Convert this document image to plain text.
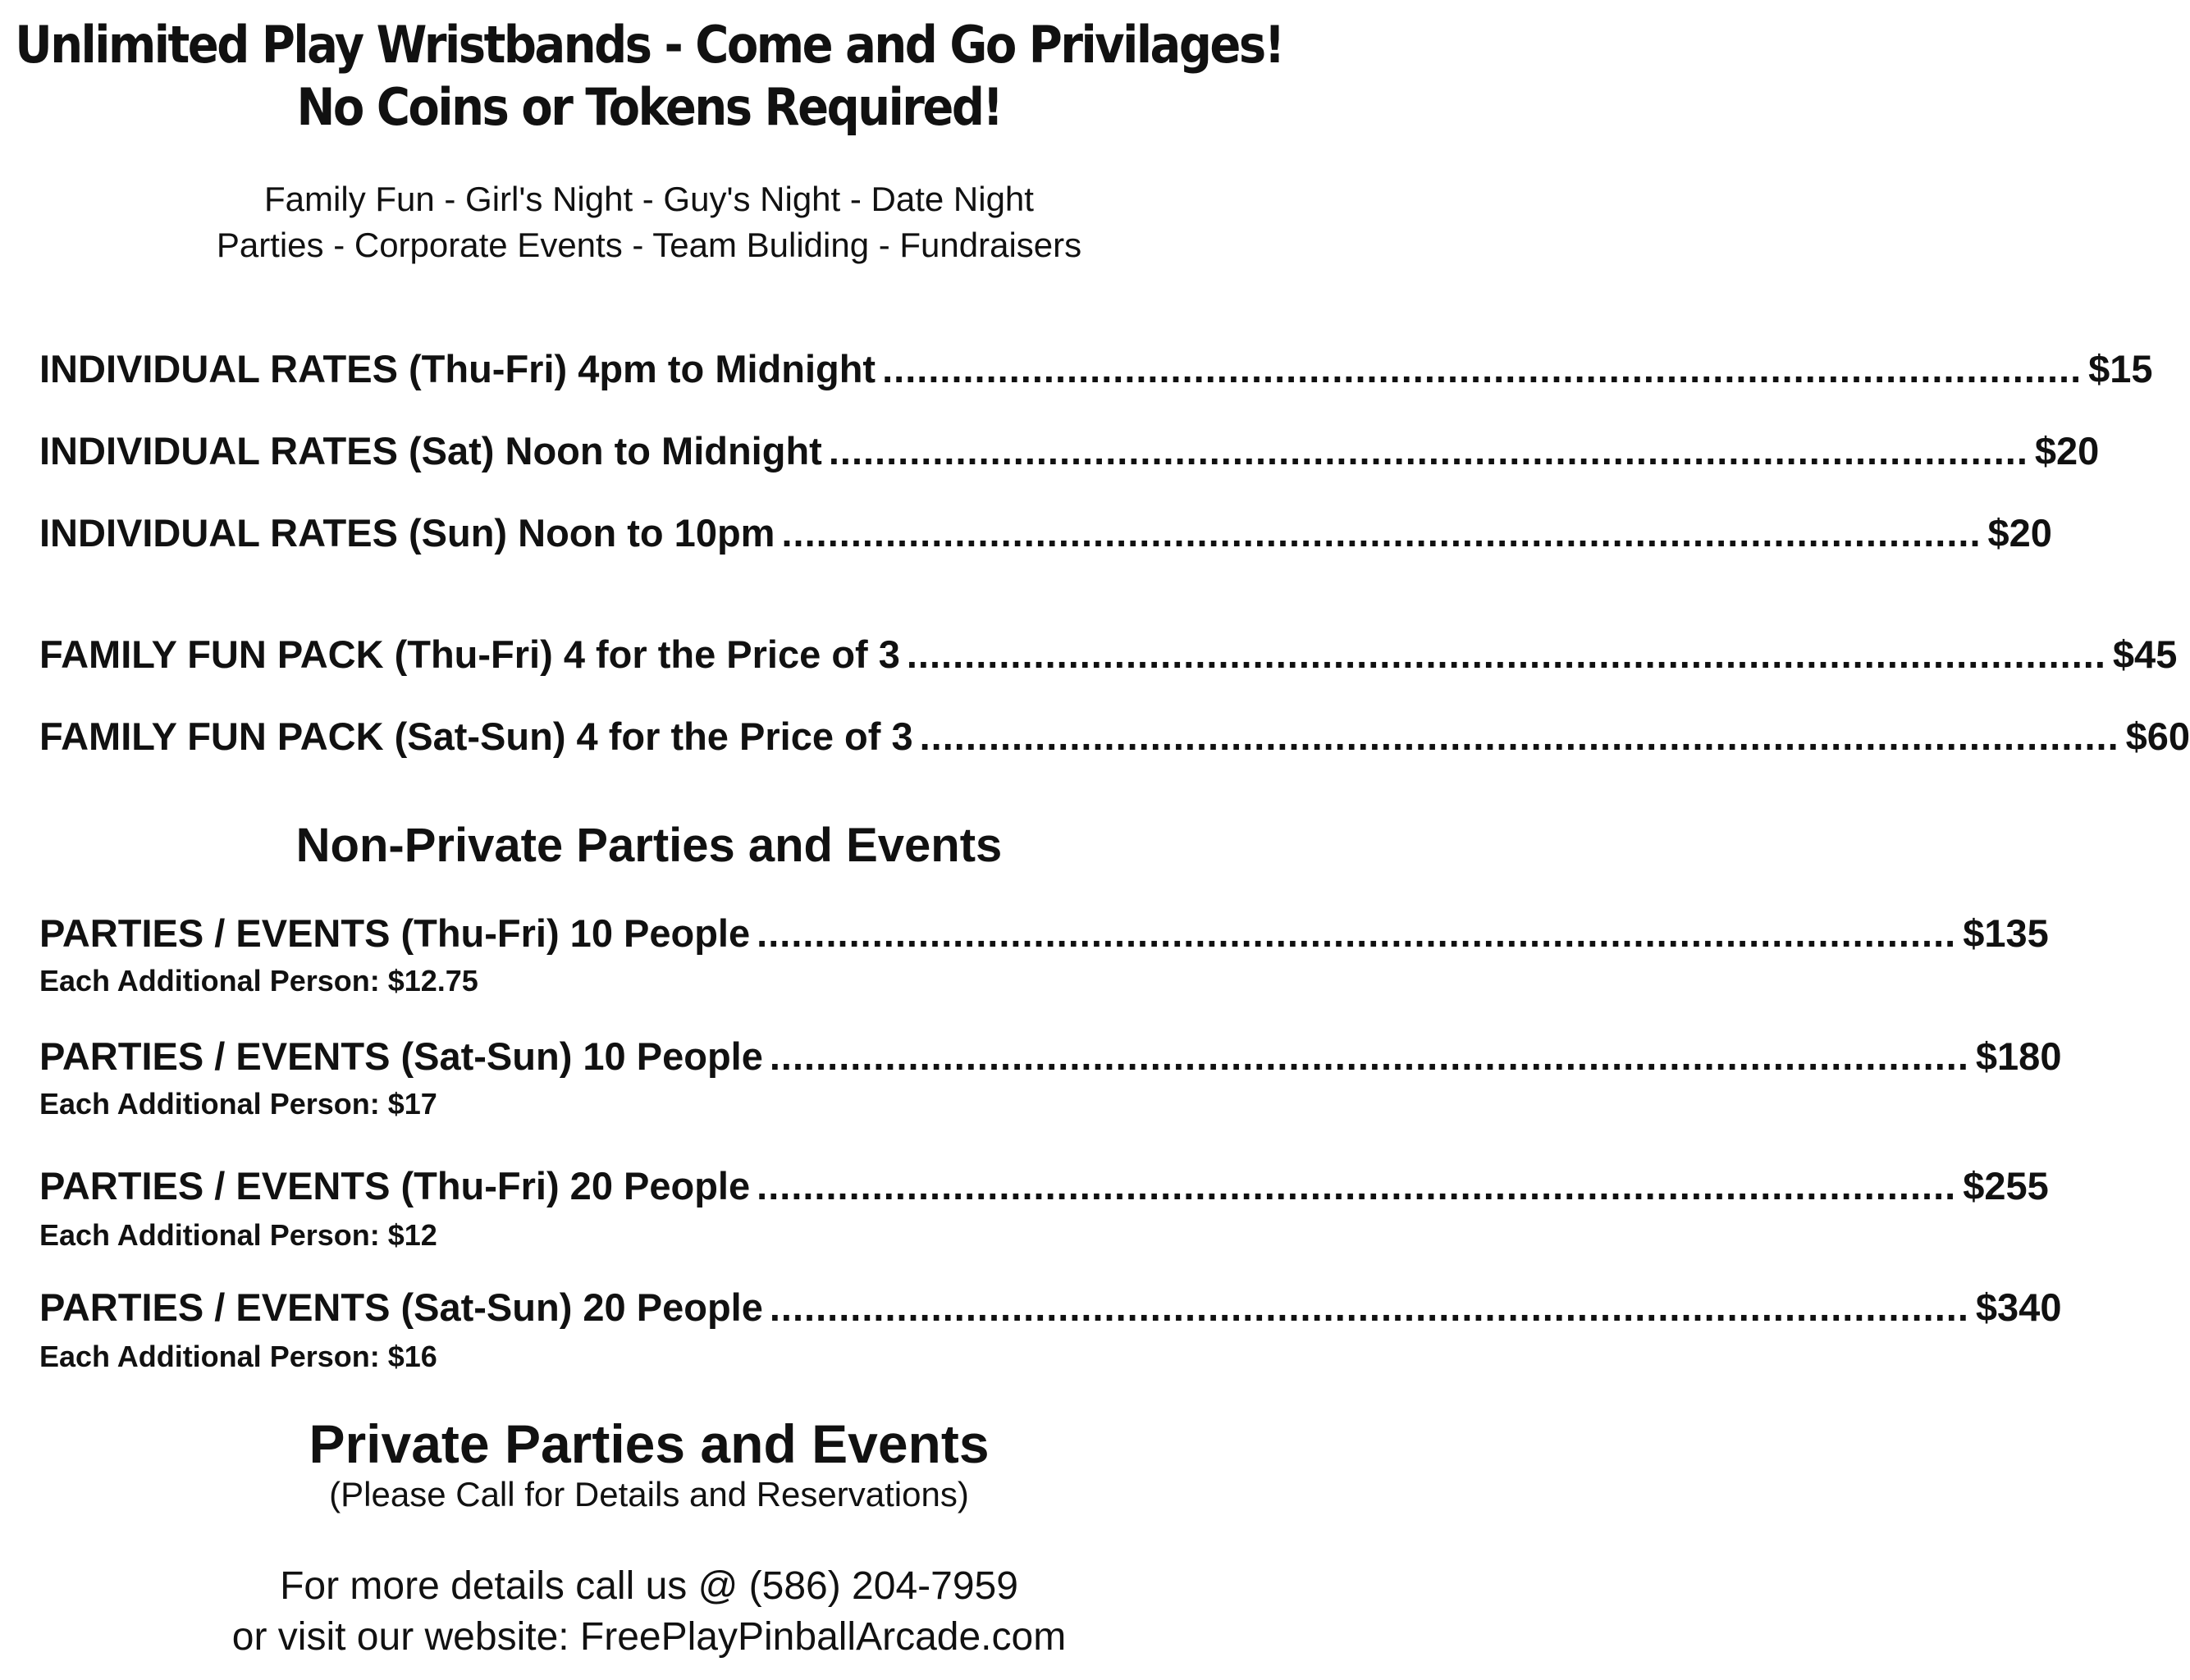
Unlimited Play Wristbands - Come and Go Privilages!
No Coins or Tokens Required!

Family Fun - Girl's Night - Guy's Night - Date Night

Parties - Corporate Events - Team Buliding - Fundraisers

INDIVIDUAL RATES (Thu-Fri) 4pm to Midnight ........................................................................................................ $15
INDIVIDUAL RATES (Sat) Noon to Midnight ........................................................................................................ $20
INDIVIDUAL RATES (Sun) Noon to 10pm ........................................................................................................ $20
FAMILY FUN PACK (Thu-Fri) 4 for the Price of 3 ........................................................................................................ $45
FAMILY FUN PACK (Sat-Sun) 4 for the Price of 3 ........................................................................................................ $60
Non-Private Parties and Events
PARTIES / EVENTS (Thu-Fri) 10 People ........................................................................................................ $135
Each Additional Person: $12.75
PARTIES / EVENTS (Sat-Sun) 10 People ........................................................................................................ $180
Each Additional Person: $17
PARTIES / EVENTS (Thu-Fri) 20 People ........................................................................................................ $255
Each Additional Person: $12
PARTIES / EVENTS (Sat-Sun) 20 People ........................................................................................................ $340
Each Additional Person: $16
Private Parties and Events
(Please Call for Details and Reservations)
For more details call us @ (586) 204-7959
or visit our website: FreePlayPinballArcade.com
